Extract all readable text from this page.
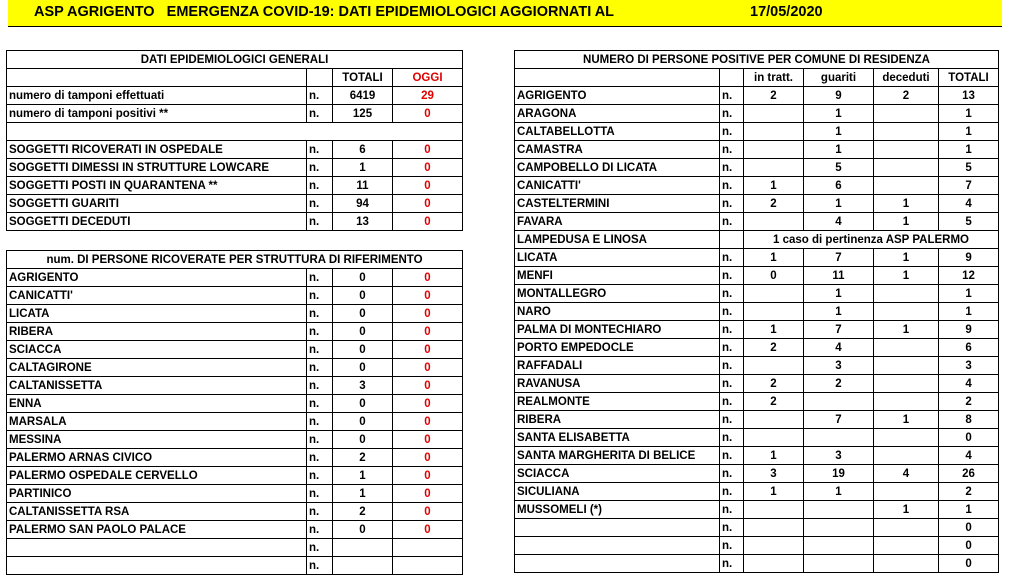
ASP AGRIGENTO   EMERGENZA COVID-19: DATI EPIDEMIOLOGICI AGGIORNATI AL	17/05/2020
DATI EPIDEMIOLOGICI GENERALI			
		TOTALI	OGGI
numero di tamponi effettuati	n.	6419	29
numero di tamponi positivi **	n.	125	0

SOGGETTI RICOVERATI IN OSPEDALE	n.	6	0
SOGGETTI DIMESSI IN STRUTTURE LOWCARE	n.	1	0
SOGGETTI POSTI IN QUARANTENA **	n.	11	0
SOGGETTI GUARITI	n.	94	0
SOGGETTI DECEDUTI	n.	13	0
num. DI PERSONE RICOVERATE PER STRUTTURA DI RIFERIMENTO			
AGRIGENTO	n.	0	0
CANICATTI'	n.	0	0
LICATA	n.	0	0
RIBERA	n.	0	0
SCIACCA	n.	0	0
CALTAGIRONE	n.	0	0
CALTANISSETTA	n.	3	0
ENNA	n.	0	0
MARSALA	n.	0	0
MESSINA	n.	0	0
PALERMO ARNAS CIVICO	n.	2	0
PALERMO OSPEDALE CERVELLO	n.	1	0
PARTINICO	n.	1	0
CALTANISSETTA RSA	n.	2	0
PALERMO SAN PAOLO PALACE	n.	0	0
	n.		
	n.		
NUMERO DI PERSONE POSITIVE PER COMUNE DI RESIDENZA					
		in tratt.	guariti	deceduti	TOTALI
AGRIGENTO	n.	2	9	2	13
ARAGONA	n.		1		1
CALTABELLOTTA	n.		1		1
CAMASTRA	n.		1		1
CAMPOBELLO DI LICATA	n.		5		5
CANICATTI'	n.	1	6		7
CASTELTERMINI	n.	2	1	1	4
FAVARA	n.		4	1	5
LAMPEDUSA E LINOSA		1 caso di pertinenza ASP PALERMO			
LICATA	n.	1	7	1	9
MENFI	n.	0	11	1	12
MONTALLEGRO	n.		1		1
NARO	n.		1		1
PALMA DI MONTECHIARO	n.	1	7	1	9
PORTO EMPEDOCLE	n.	2	4		6
RAFFADALI	n.		3		3
RAVANUSA	n.	2	2		4
REALMONTE	n.	2			2
RIBERA	n.		7	1	8
SANTA ELISABETTA	n.				0
SANTA MARGHERITA DI BELICE	n.	1	3		4
SCIACCA	n.	3	19	4	26
SICULIANA	n.	1	1		2
MUSSOMELI (*)	n.			1	1
	n.				0
	n.				0
	n.				0
